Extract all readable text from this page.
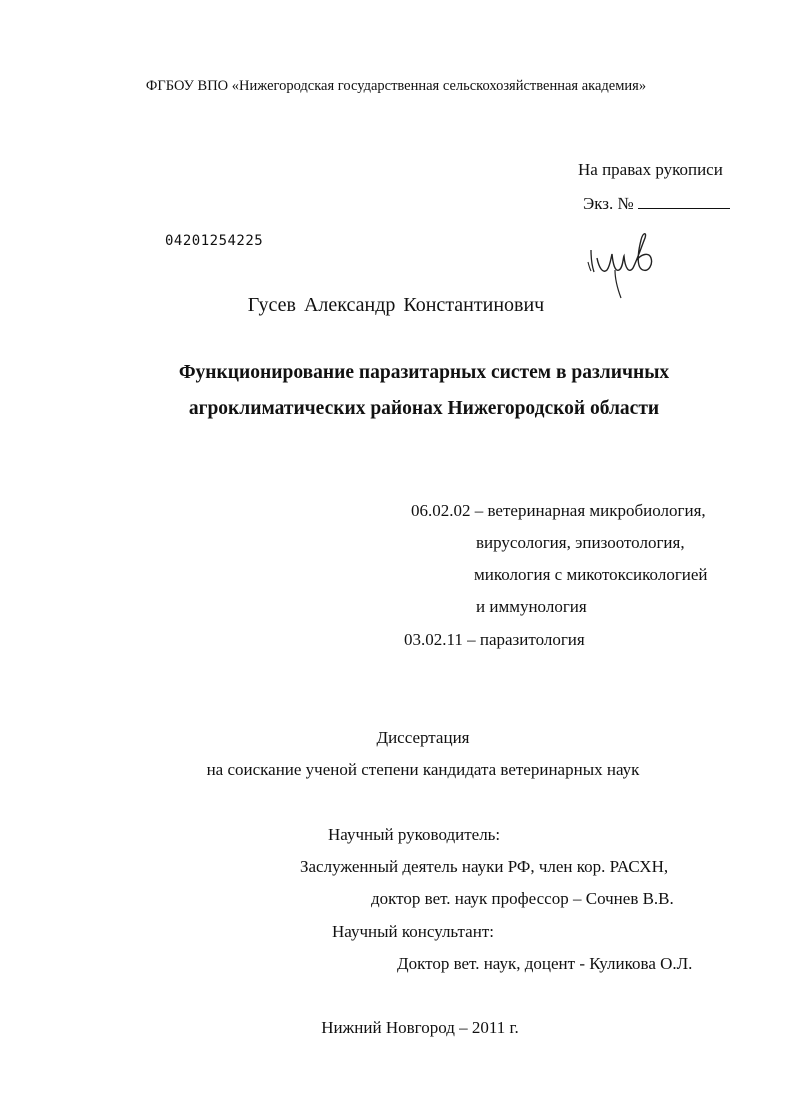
ФГБОУ ВПО «Нижегородская государственная сельскохозяйственная академия»
На правах рукописи
Экз. №
04201254225
Гусев Александр Константинович
Функционирование паразитарных систем в различных
агроклиматических районах Нижегородской области
06.02.02 – ветеринарная микробиология,
вирусология, эпизоотология,
микология с микотоксикологией
и иммунология
03.02.11 – паразитология
Диссертация
на соискание ученой степени кандидата ветеринарных наук
Научный руководитель:
Заслуженный деятель науки РФ, член кор. РАСХН,
доктор вет. наук профессор – Сочнев В.В.
Научный консультант:
Доктор вет. наук, доцент - Куликова О.Л.
Нижний Новгород – 2011 г.
